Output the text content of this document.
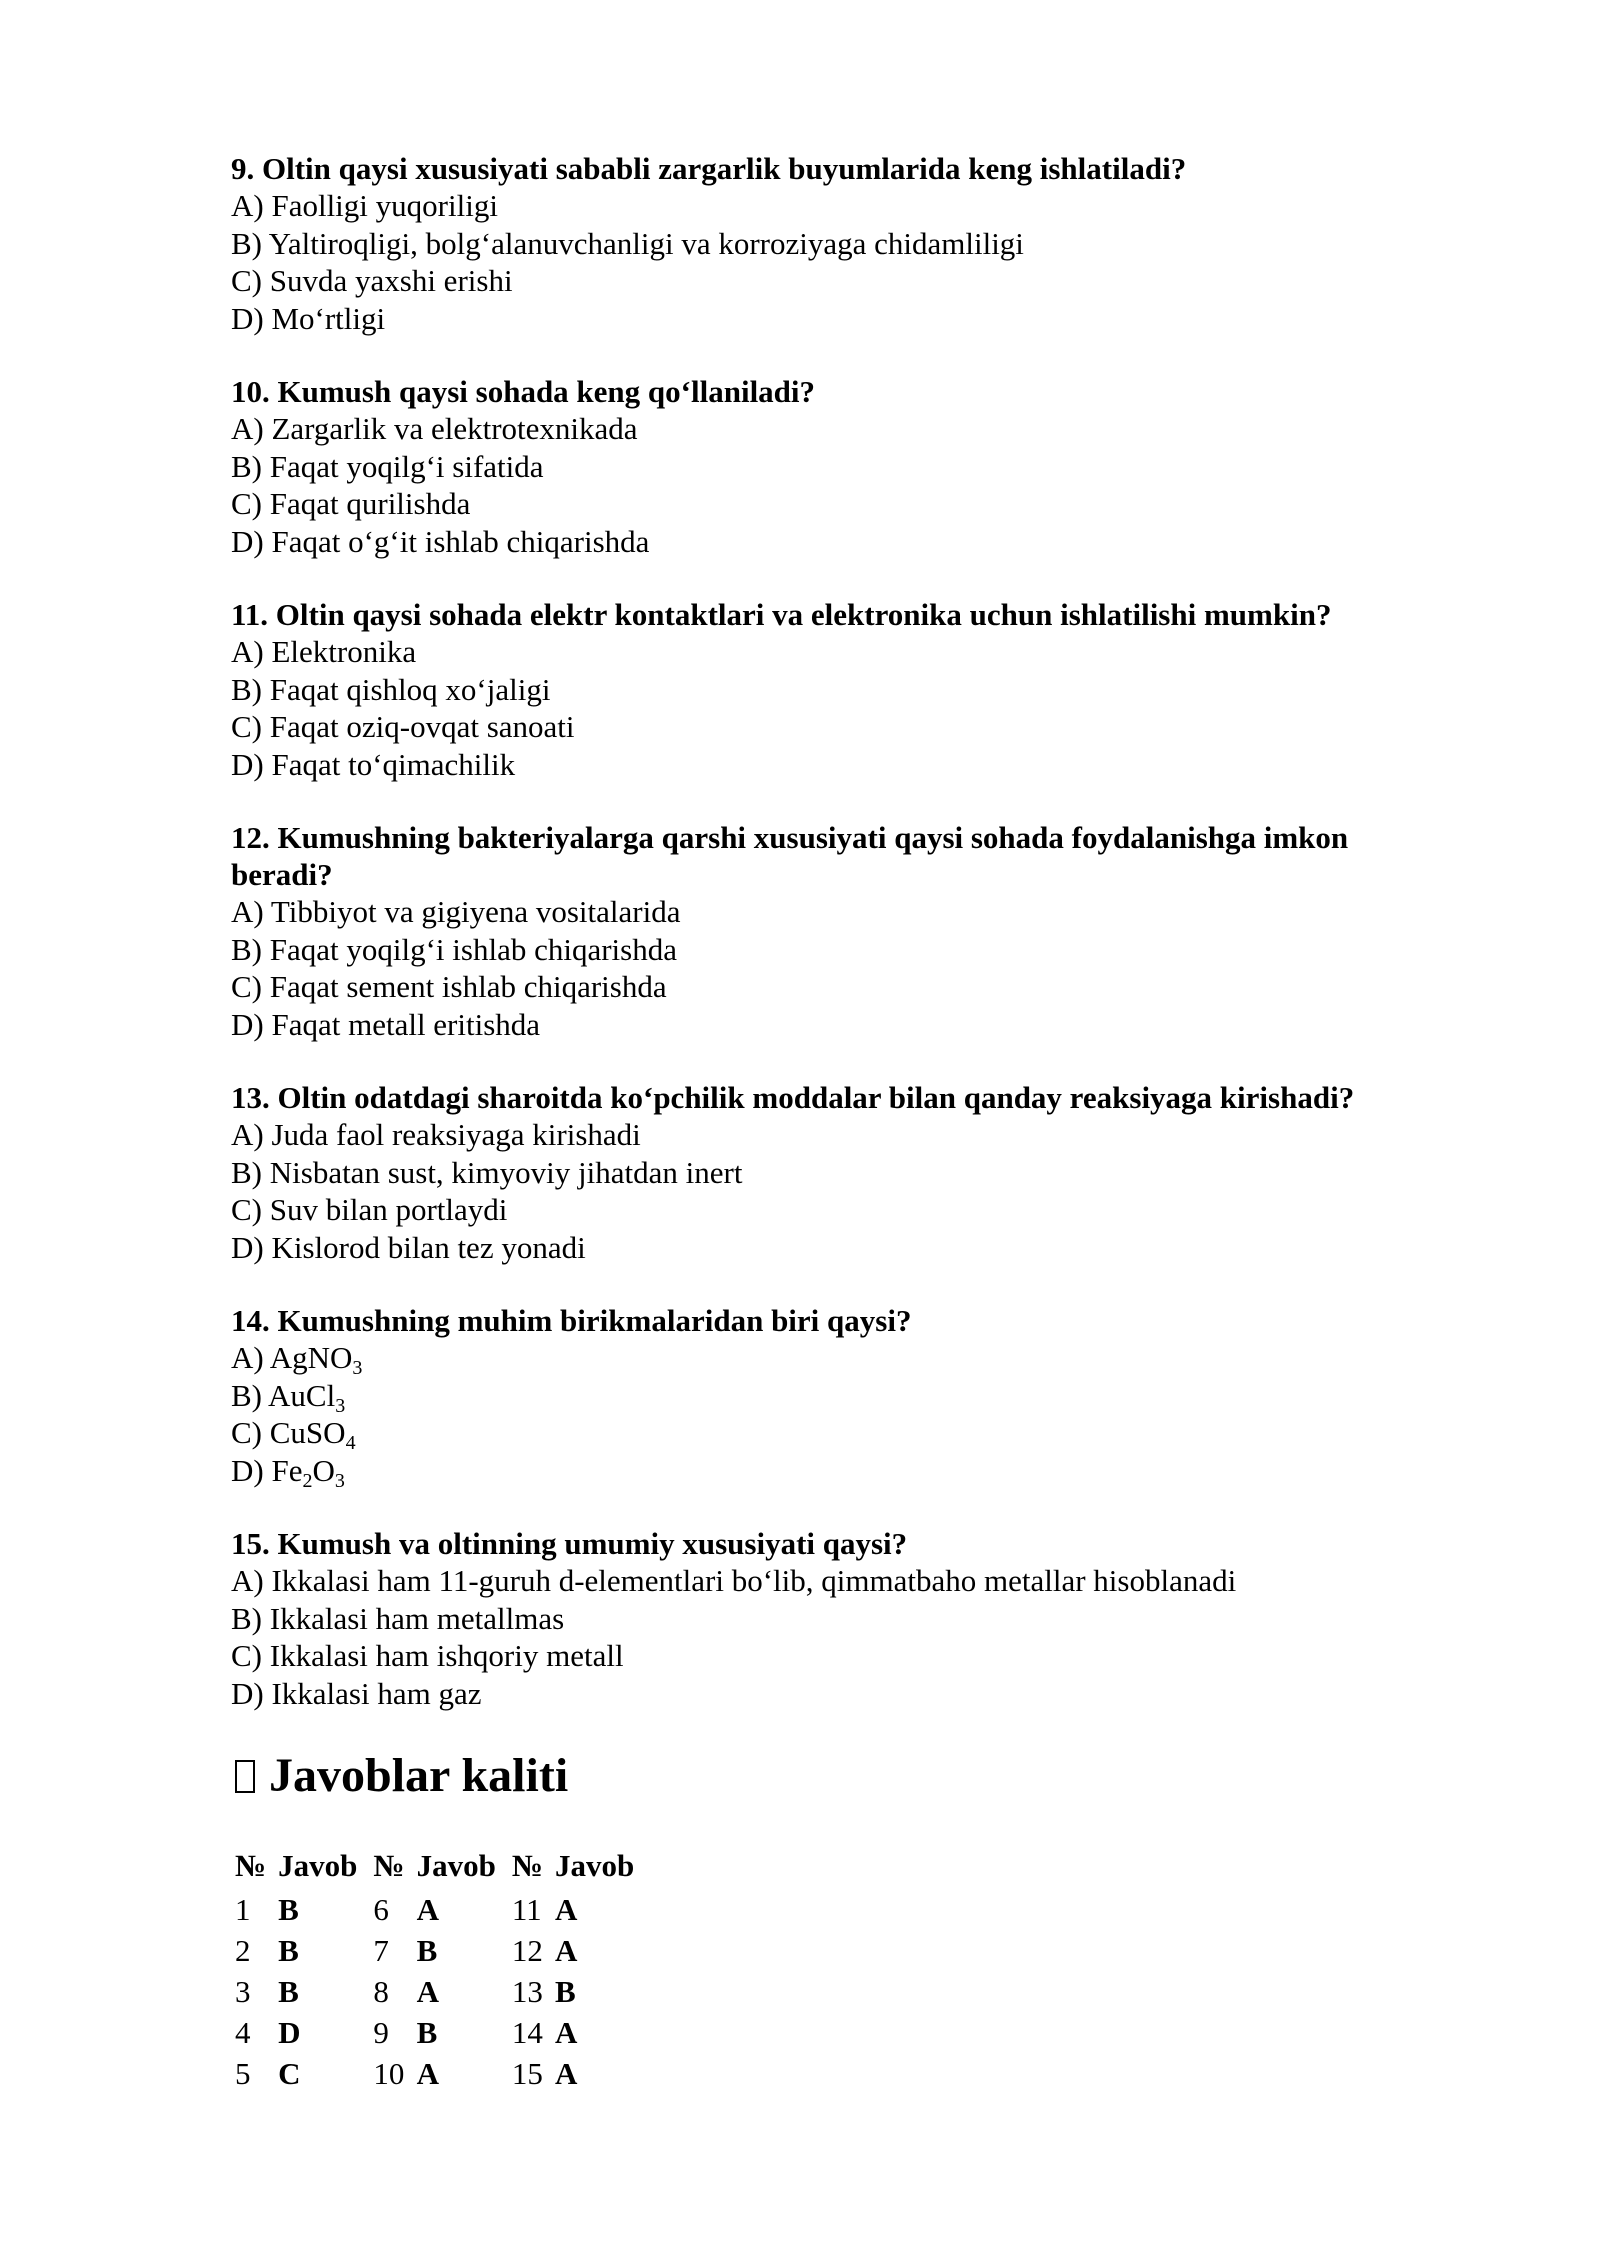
9. Oltin qaysi xususiyati sababli zargarlik buyumlarida keng ishlatiladi?
A) Faolligi yuqoriligi
B) Yaltiroqligi, bolg‘alanuvchanligi va korroziyaga chidamliligi
C) Suvda yaxshi erishi
D) Mo‘rtligi
10. Kumush qaysi sohada keng qo‘llaniladi?
A) Zargarlik va elektrotexnikada
B) Faqat yoqilg‘i sifatida
C) Faqat qurilishda
D) Faqat o‘g‘it ishlab chiqarishda
11. Oltin qaysi sohada elektr kontaktlari va elektronika uchun ishlatilishi mumkin?
A) Elektronika
B) Faqat qishloq xo‘jaligi
C) Faqat oziq-ovqat sanoati
D) Faqat to‘qimachilik
12. Kumushning bakteriyalarga qarshi xususiyati qaysi sohada foydalanishga imkon beradi?
A) Tibbiyot va gigiyena vositalarida
B) Faqat yoqilg‘i ishlab chiqarishda
C) Faqat sement ishlab chiqarishda
D) Faqat metall eritishda
13. Oltin odatdagi sharoitda ko‘pchilik moddalar bilan qanday reaksiyaga kirishadi?
A) Juda faol reaksiyaga kirishadi
B) Nisbatan sust, kimyoviy jihatdan inert
C) Suv bilan portlaydi
D) Kislorod bilan tez yonadi
14. Kumushning muhim birikmalaridan biri qaysi?
A) AgNO$_3$
B) AuCl$_3$
C) CuSO$_4$
D) $Fe_2O_3$
15. Kumush va oltinning umumiy xususiyati qaysi?
A) Ikkalasi ham 11-guruh d-elementlari bo‘lib, qimmatbaho metallar hisoblanadi
B) Ikkalasi ham metallmas
C) Ikkalasi ham ishqoriy metall
D) Ikkalasi ham gaz
Javoblar kaliti
№	Javob	№	Javob	№	Javob
1	B	6	A	11	A
2	B	7	B	12	A
3	B	8	A	13	B
4	D	9	B	14	A
5	C	10	A	15	A
